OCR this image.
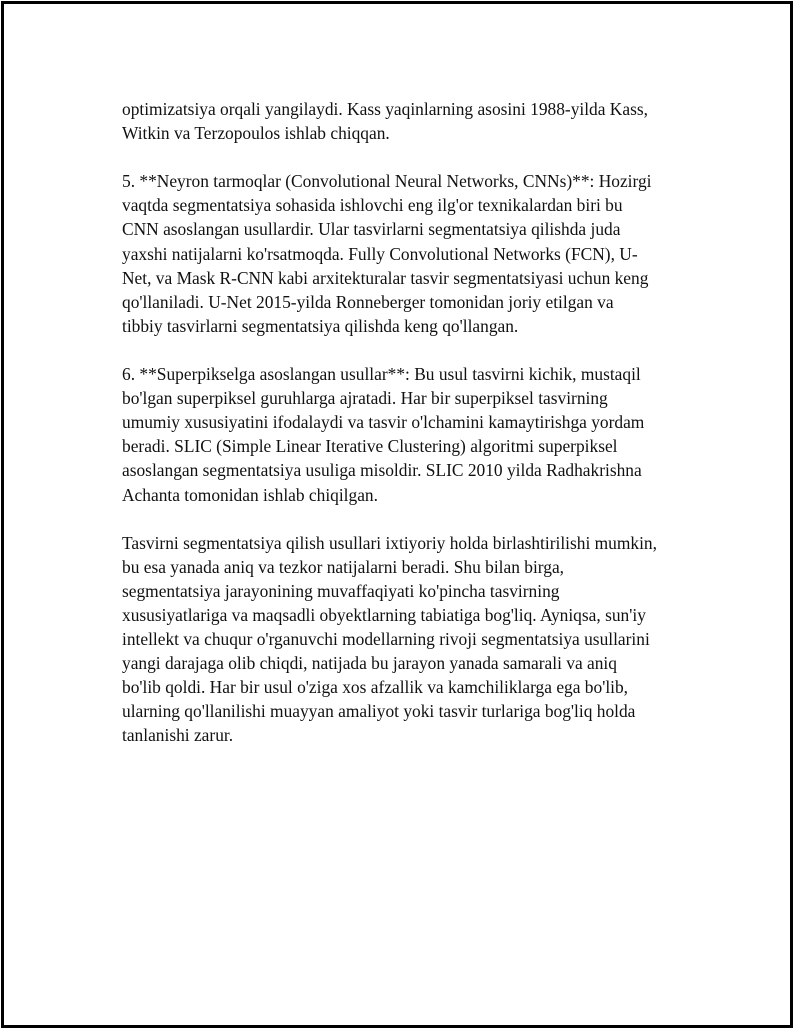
optimizatsiya orqali yangilaydi. Kass yaqinlarning asosini 1988-yilda Kass,
Witkin va Terzopoulos ishlab chiqqan.

5. **Neyron tarmoqlar (Convolutional Neural Networks, CNNs)**: Hozirgi
vaqtda segmentatsiya sohasida ishlovchi eng ilg'or texnikalardan biri bu
CNN asoslangan usullardir. Ular tasvirlarni segmentatsiya qilishda juda
yaxshi natijalarni ko'rsatmoqda. Fully Convolutional Networks (FCN), U-
Net, va Mask R-CNN kabi arxitekturalar tasvir segmentatsiyasi uchun keng
qo'llaniladi. U-Net 2015-yilda Ronneberger tomonidan joriy etilgan va
tibbiy tasvirlarni segmentatsiya qilishda keng qo'llangan.

6. **Superpikselga asoslangan usullar**: Bu usul tasvirni kichik, mustaqil
bo'lgan superpiksel guruhlarga ajratadi. Har bir superpiksel tasvirning
umumiy xususiyatini ifodalaydi va tasvir o'lchamini kamaytirishga yordam
beradi. SLIC (Simple Linear Iterative Clustering) algoritmi superpiksel
asoslangan segmentatsiya usuliga misoldir. SLIC 2010 yilda Radhakrishna
Achanta tomonidan ishlab chiqilgan.

Tasvirni segmentatsiya qilish usullari ixtiyoriy holda birlashtirilishi mumkin,
bu esa yanada aniq va tezkor natijalarni beradi. Shu bilan birga,
segmentatsiya jarayonining muvaffaqiyati ko'pincha tasvirning
xususiyatlariga va maqsadli obyektlarning tabiatiga bog'liq. Ayniqsa, sun'iy
intellekt va chuqur o'rganuvchi modellarning rivoji segmentatsiya usullarini
yangi darajaga olib chiqdi, natijada bu jarayon yanada samarali va aniq
bo'lib qoldi. Har bir usul o'ziga xos afzallik va kamchiliklarga ega bo'lib,
ularning qo'llanilishi muayyan amaliyot yoki tasvir turlariga bog'liq holda
tanlanishi zarur.
